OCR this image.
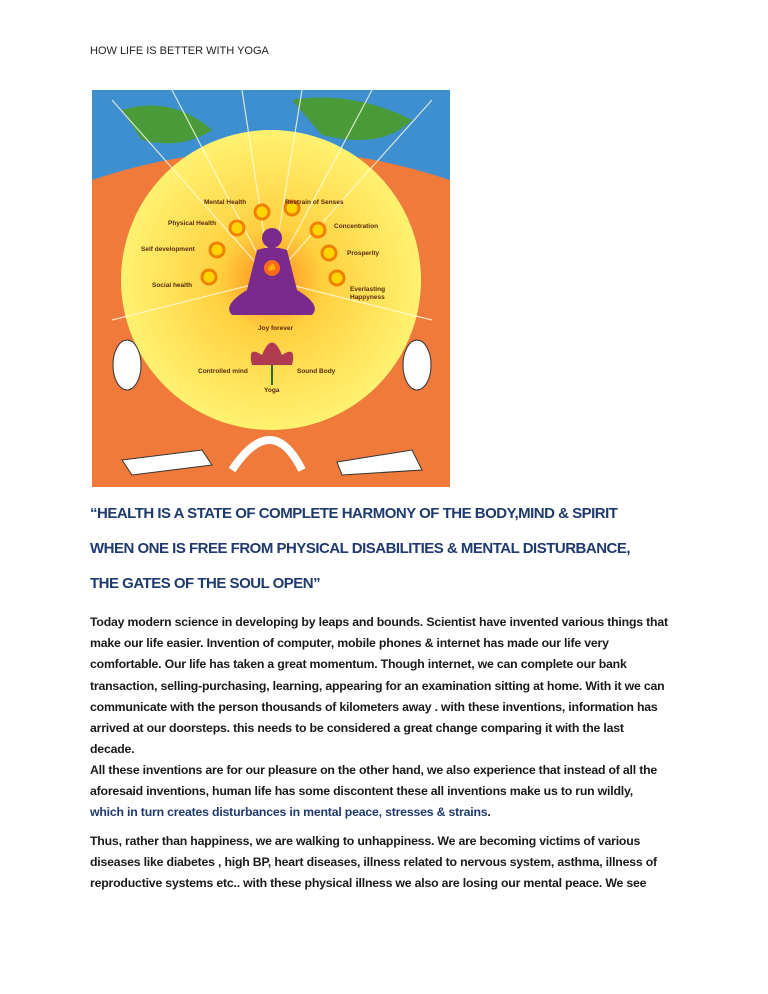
HOW LIFE IS BETTER WITH YOGA
ॐ
Mental Health	Restrain of Senses
Physical Health	Concentration
Self development
Prosperity
Social health
Everlasting
Happyness
Joy forever
Controlled mind	Sound Body
Yoga
“HEALTH IS A STATE OF COMPLETE HARMONY OF THE BODY,MIND & SPIRIT
WHEN ONE IS FREE FROM PHYSICAL DISABILITIES & MENTAL DISTURBANCE,
THE GATES OF THE SOUL OPEN”
Today modern science in developing by leaps and bounds. Scientist have invented various things that
make our life easier. Invention of computer, mobile phones & internet has made our life very
comfortable. Our life has taken a great momentum. Though internet, we can complete our bank
transaction, selling-purchasing, learning, appearing for an examination sitting at home. With it we can
communicate with the person thousands of kilometers away . with these inventions, information has
arrived at our doorsteps. this needs to be considered a great change comparing it with the last
decade.
All these inventions are for our pleasure on the other hand, we also experience that instead of all the
aforesaid inventions, human life has some discontent these all inventions make us to run wildly,
which in turn creates disturbances in mental peace, stresses & strains.
Thus, rather than happiness, we are walking to unhappiness. We are becoming victims of various
diseases like diabetes , high BP, heart diseases, illness related to nervous system, asthma, illness of
reproductive systems etc.. with these physical illness we also are losing our mental peace. We see
